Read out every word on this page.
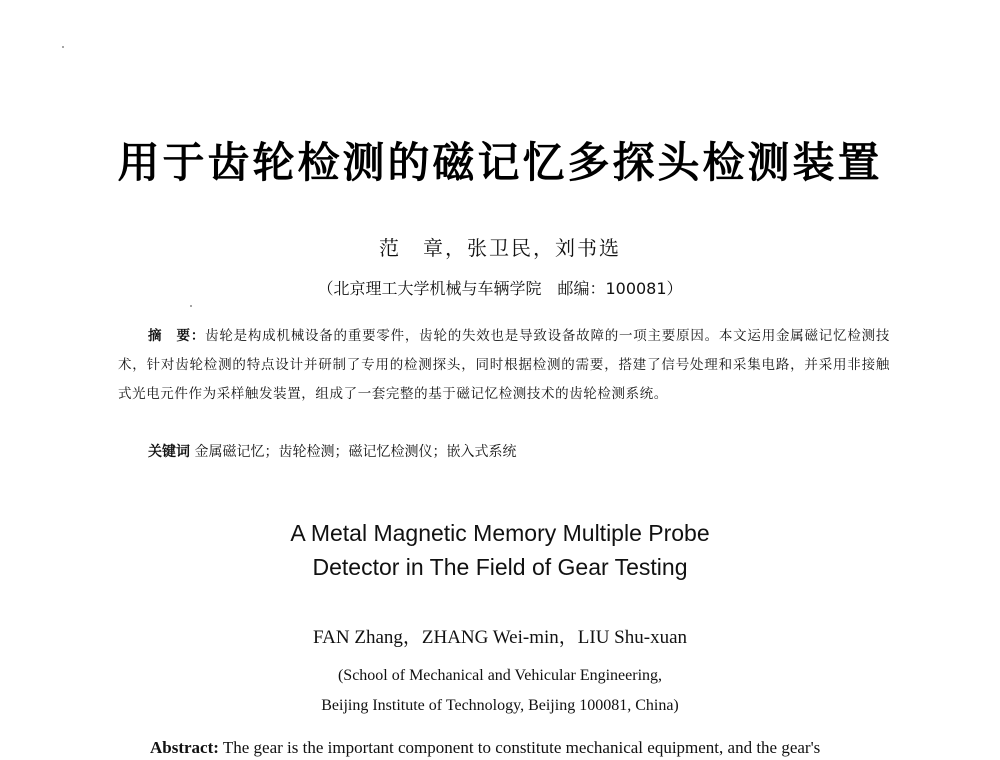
用于齿轮检测的磁记忆多探头检测装置
范　章，张卫民，刘书选
（北京理工大学机械与车辆学院　邮编：100081）
摘　要：齿轮是构成机械设备的重要零件，齿轮的失效也是导致设备故障的一项主要原因。本文运用金属磁记忆检测技术，针对齿轮检测的特点设计并研制了专用的检测探头，同时根据检测的需要，搭建了信号处理和采集电路，并采用非接触式光电元件作为采样触发装置，组成了一套完整的基于磁记忆检测技术的齿轮检测系统。
关键词 金属磁记忆；齿轮检测；磁记忆检测仪；嵌入式系统
A Metal Magnetic Memory Multiple Probe
Detector in The Field of Gear Testing
FAN Zhang，ZHANG Wei-min，LIU Shu-xuan
(School of Mechanical and Vehicular Engineering,
Beijing Institute of Technology, Beijing 100081, China)
Abstract: The gear is the important component to constitute mechanical equipment, and the gear's
